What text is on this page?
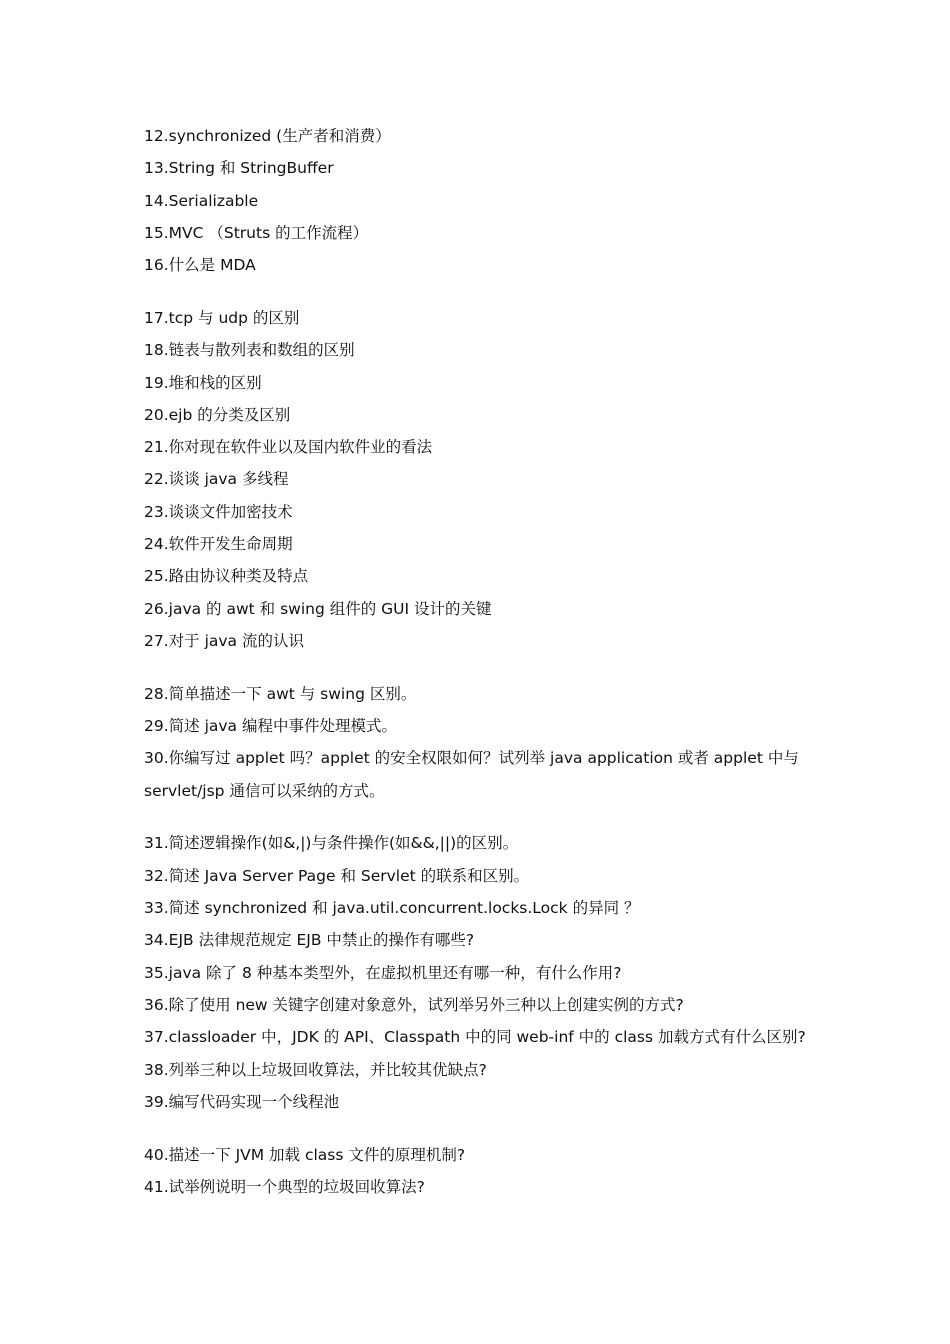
12.synchronized (生产者和消费）
13.String 和 StringBuffer
14.Serializable
15.MVC （Struts 的工作流程）
16.什么是 MDA
17.tcp 与 udp 的区别
18.链表与散列表和数组的区别
19.堆和栈的区别
20.ejb 的分类及区别
21.你对现在软件业以及国内软件业的看法
22.谈谈 java 多线程
23.谈谈文件加密技术
24.软件开发生命周期
25.路由协议种类及特点
26.java 的 awt 和 swing 组件的 GUI 设计的关键
27.对于 java 流的认识
28.简单描述一下 awt 与 swing 区别。
29.简述 java 编程中事件处理模式。
30.你编写过 applet 吗？applet 的安全权限如何？试列举 java application 或者 applet 中与
servlet/jsp 通信可以采纳的方式。
31.简述逻辑操作(如&,|)与条件操作(如&&,||)的区别。
32.简述 Java Server Page 和 Servlet 的联系和区别。
33.简述 synchronized 和 java.util.concurrent.locks.Lock 的异同 ？
34.EJB 法律规范规定 EJB 中禁止的操作有哪些?
35.java 除了 8 种基本类型外，在虚拟机里还有哪一种，有什么作用?
36.除了使用 new 关键字创建对象意外，试列举另外三种以上创建实例的方式?
37.classloader 中，JDK 的 API、Classpath 中的同 web-inf 中的 class 加载方式有什么区别?
38.列举三种以上垃圾回收算法，并比较其优缺点?
39.编写代码实现一个线程池
40.描述一下 JVM 加载 class 文件的原理机制?
41.试举例说明一个典型的垃圾回收算法?
